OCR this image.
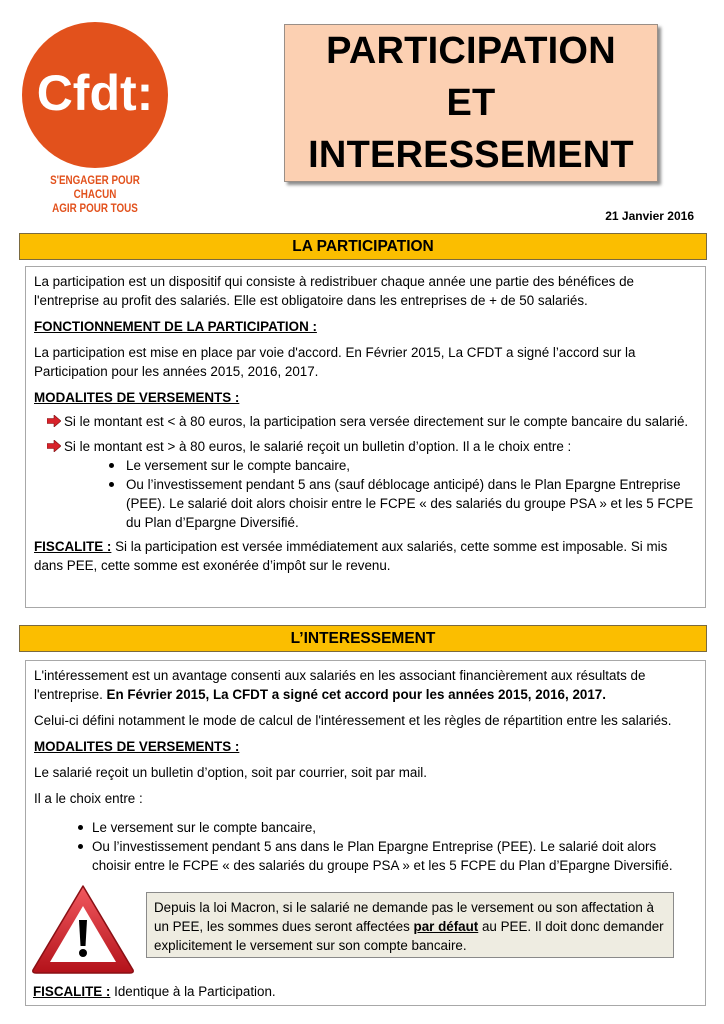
Cfdt:
S'ENGAGER POUR CHACUN
AGIR POUR TOUS
PARTICIPATION
ET
INTERESSEMENT
21 Janvier 2016
LA PARTICIPATION

La participation est un dispositif qui consiste à redistribuer chaque année une partie des bénéfices de l'entreprise au profit des salariés. Elle est obligatoire dans les entreprises de + de 50 salariés.

FONCTIONNEMENT DE LA PARTICIPATION :

La participation est mise en place par voie d'accord. En Février 2015, La CFDT a signé l’accord sur la Participation pour les années 2015, 2016, 2017.

MODALITES DE VERSEMENTS :

Si le montant est < à 80 euros, la participation sera versée directement sur le compte bancaire du salarié.
Si le montant est > à 80 euros, le salarié reçoit un bulletin d’option. Il a le choix entre :
Le versement sur le compte bancaire,
Ou l’investissement pendant 5 ans (sauf déblocage anticipé) dans le Plan Epargne Entreprise (PEE). Le salarié doit alors choisir entre le FCPE « des salariés du groupe PSA » et les 5 FCPE du Plan d’Epargne Diversifié.

FISCALITE : Si la participation est versée immédiatement aux salariés, cette somme est imposable. Si mis dans PEE, cette somme est exonérée d’impôt sur le revenu.

L’INTERESSEMENT

L'intéressement est un avantage consenti aux salariés en les associant financièrement aux résultats de l'entreprise. En Février 2015, La CFDT a signé cet accord pour les années 2015, 2016, 2017.

Celui-ci défini notamment le mode de calcul de l'intéressement et les règles de répartition entre les salariés.

MODALITES DE VERSEMENTS :

Le salarié reçoit un bulletin d’option, soit par courrier, soit par mail.

Il a le choix entre :

Le versement sur le compte bancaire,
Ou l’investissement pendant 5 ans dans le Plan Epargne Entreprise (PEE). Le salarié doit alors choisir entre le FCPE « des salariés du groupe PSA » et les 5 FCPE du Plan d’Epargne Diversifié.
Depuis la loi Macron, si le salarié ne demande pas le versement ou son affectation à un PEE, les sommes dues seront affectées par défaut au PEE. Il doit donc demander explicitement le versement sur son compte bancaire.
FISCALITE : Identique à la Participation.
